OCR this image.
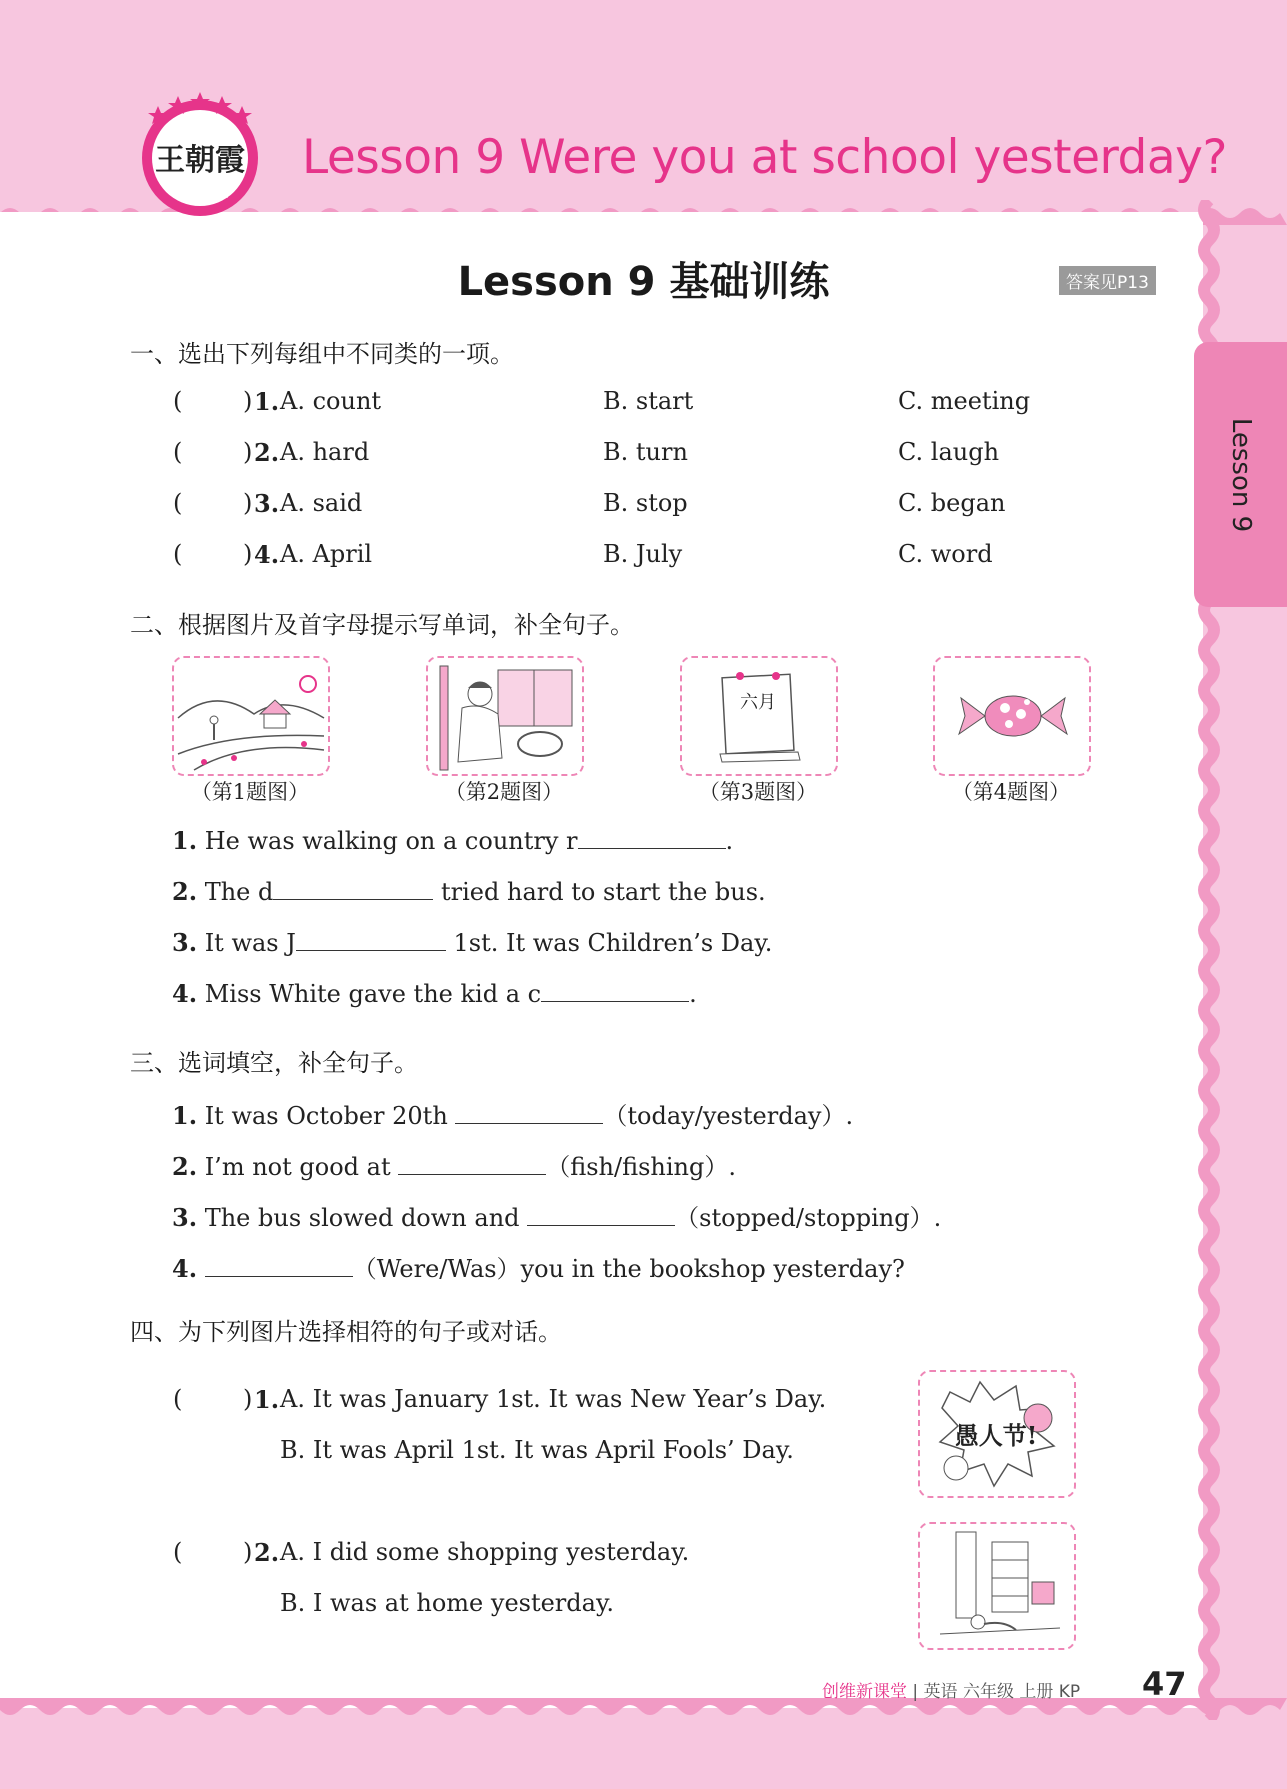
王朝霞
WANG ZHAOXIA
Lesson 9 Were you at school yesterday?
Lesson 9 基础训练	答案见P13
Lesson 9
一、选出下列每组中不同类的一项。
(	) 1. A. count	B. start	C. meeting
(	) 2. A. hard	B. turn	C. laugh
(	) 3. A. said	B. stop	C. began
(	) 4. A. April	B. July	C. word
二、根据图片及首字母提示写单词，补全句子。
六月
（第1题图）	（第2题图）	（第3题图）	（第4题图）
1. He was walking on a country r	.
2. The d	tried hard to start the bus.
3. It was J	1st. It was Children’s Day.
4. Miss White gave the kid a c	.
三、选词填空，补全句子。
1. It was October 20th	（today/yesterday）.
2. I’m not good at	（fish/fishing）.
3. The bus slowed down and	（stopped/stopping）.
4.	（Were/Was）you in the bookshop yesterday?
四、为下列图片选择相符的句子或对话。
(	) 1. A. It was January 1st. It was New Year’s Day.
B. It was April 1st. It was April Fools’ Day.	愚人节!
(	) 2. A. I did some shopping yesterday.
B. I was at home yesterday.
创维新课堂 | 英语 六年级 上册 KP 47
